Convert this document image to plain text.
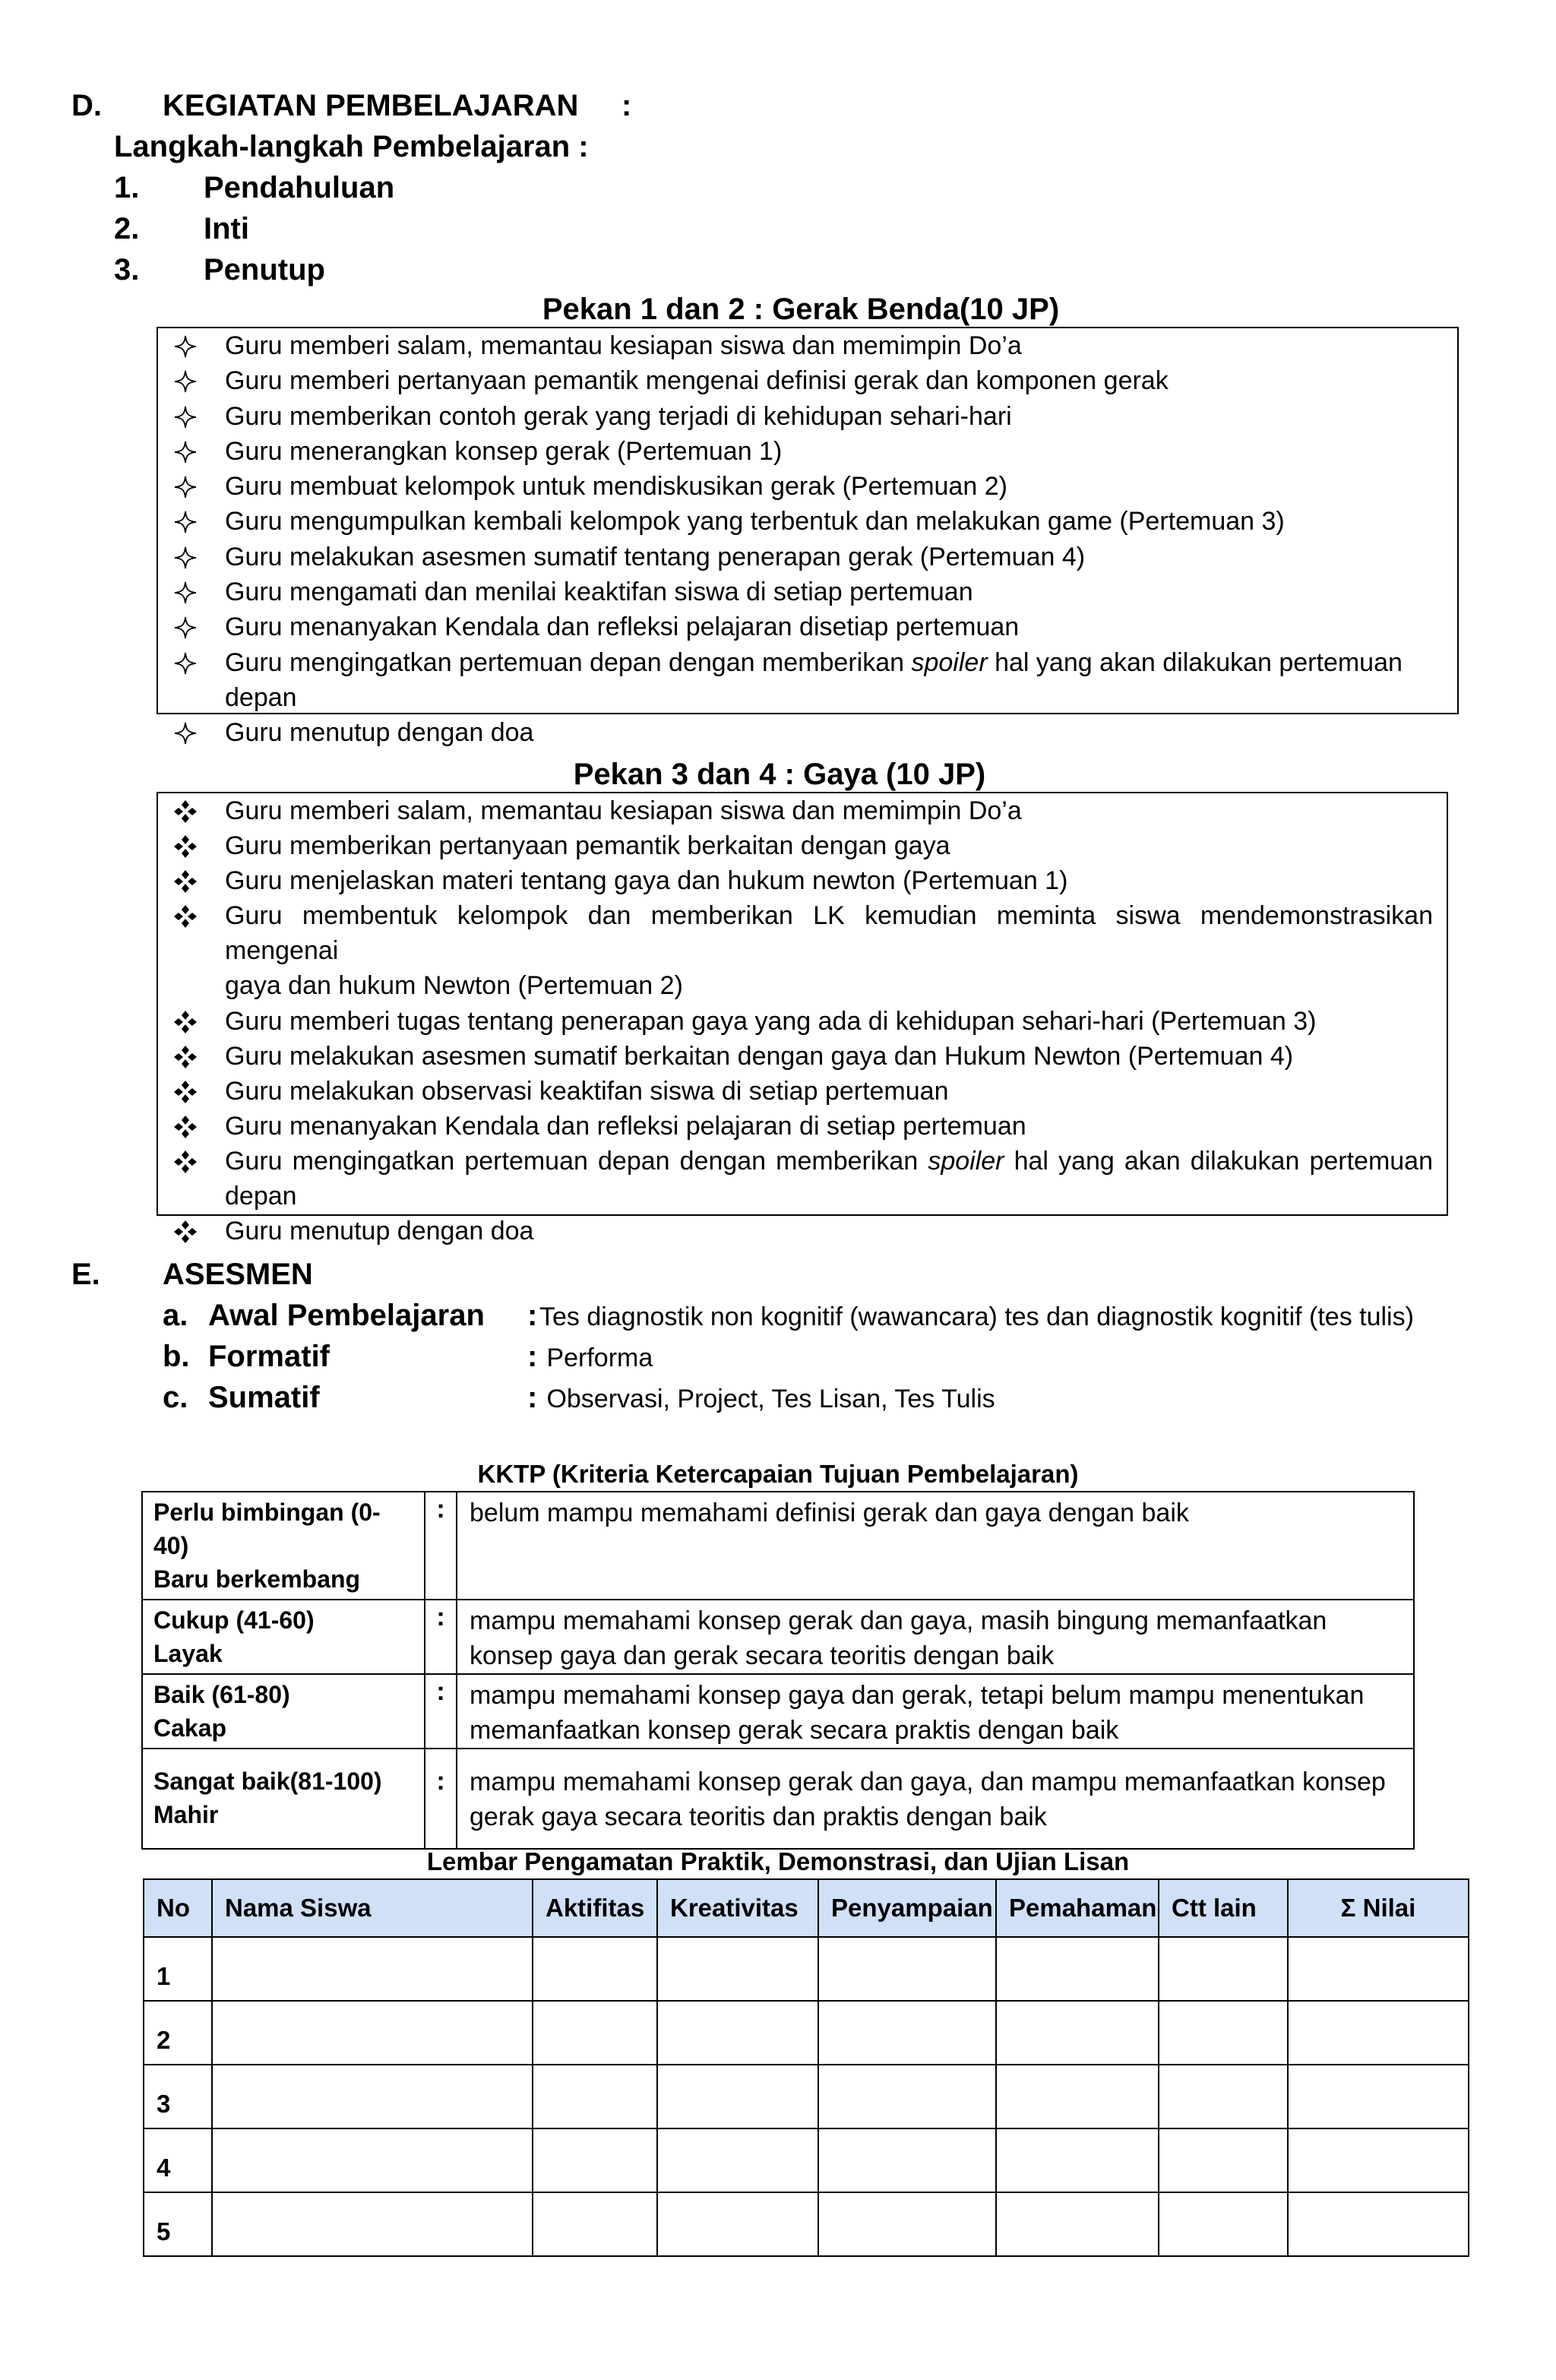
D. KEGIATAN PEMBELAJARAN :
Langkah-langkah Pembelajaran :
1. Pendahuluan
2. Inti
3. Penutup
Pekan 1 dan 2 : Gerak Benda(10 JP)
Guru memberi salam, memantau kesiapan siswa dan memimpin Do’a
Guru memberi pertanyaan pemantik mengenai definisi gerak dan komponen gerak
Guru memberikan contoh gerak yang terjadi di kehidupan sehari-hari
Guru menerangkan konsep gerak (Pertemuan 1)
Guru membuat kelompok untuk mendiskusikan gerak (Pertemuan 2)
Guru mengumpulkan kembali kelompok yang terbentuk dan melakukan game (Pertemuan 3)
Guru melakukan asesmen sumatif tentang penerapan gerak (Pertemuan 4)
Guru mengamati dan menilai keaktifan siswa di setiap pertemuan
Guru menanyakan Kendala dan refleksi pelajaran disetiap pertemuan
Guru mengingatkan pertemuan depan dengan memberikan spoiler hal yang akan dilakukan pertemuan depan
Guru menutup dengan doa
Pekan 3 dan 4 : Gaya (10 JP)
Guru memberi salam, memantau kesiapan siswa dan memimpin Do’a
Guru memberikan pertanyaan pemantik berkaitan dengan gaya
Guru menjelaskan materi tentang gaya dan hukum newton (Pertemuan 1)
Guru membentuk kelompok dan memberikan LK kemudian meminta siswa mendemonstrasikan mengenai
gaya dan hukum Newton (Pertemuan 2)
Guru memberi tugas tentang penerapan gaya yang ada di kehidupan sehari-hari (Pertemuan 3)
Guru melakukan asesmen sumatif berkaitan dengan gaya dan Hukum Newton (Pertemuan 4)
Guru melakukan observasi keaktifan siswa di setiap pertemuan
Guru menanyakan Kendala dan refleksi pelajaran di setiap pertemuan
Guru mengingatkan pertemuan depan dengan memberikan spoiler hal yang akan dilakukan pertemuan
depan
Guru menutup dengan doa
E. ASESMEN
a. Awal Pembelajaran : Tes diagnostik non kognitif (wawancara) tes dan diagnostik kognitif (tes tulis)
b. Formatif	: Performa
c. Sumatif	: Observasi, Project, Tes Lisan, Tes Tulis
KKTP (Kriteria Ketercapaian Tujuan Pembelajaran)
Perlu bimbingan (0-40)
Baru berkembang	:	belum mampu memahami definisi gerak dan gaya dengan baik

Cukup (41-60)
Layak	:	mampu memahami konsep gerak dan gaya, masih bingung memanfaatkan konsep gaya dan gerak secara teoritis dengan baik

Baik (61-80)
Cakap	:	mampu memahami konsep gaya dan gerak, tetapi belum mampu menentukan memanfaatkan konsep gerak secara praktis dengan baik

Sangat baik(81-100)
Mahir	:	mampu memahami konsep gerak dan gaya, dan mampu memanfaatkan konsep gerak gaya secara teoritis dan praktis dengan baik
Lembar Pengamatan Praktik, Demonstrasi, dan Ujian Lisan
No	Nama Siswa	Aktifitas	Kreativitas	Penyampaian	Pemahaman	Ctt lain	Σ Nilai
1							
2							
3							
4							
5							
